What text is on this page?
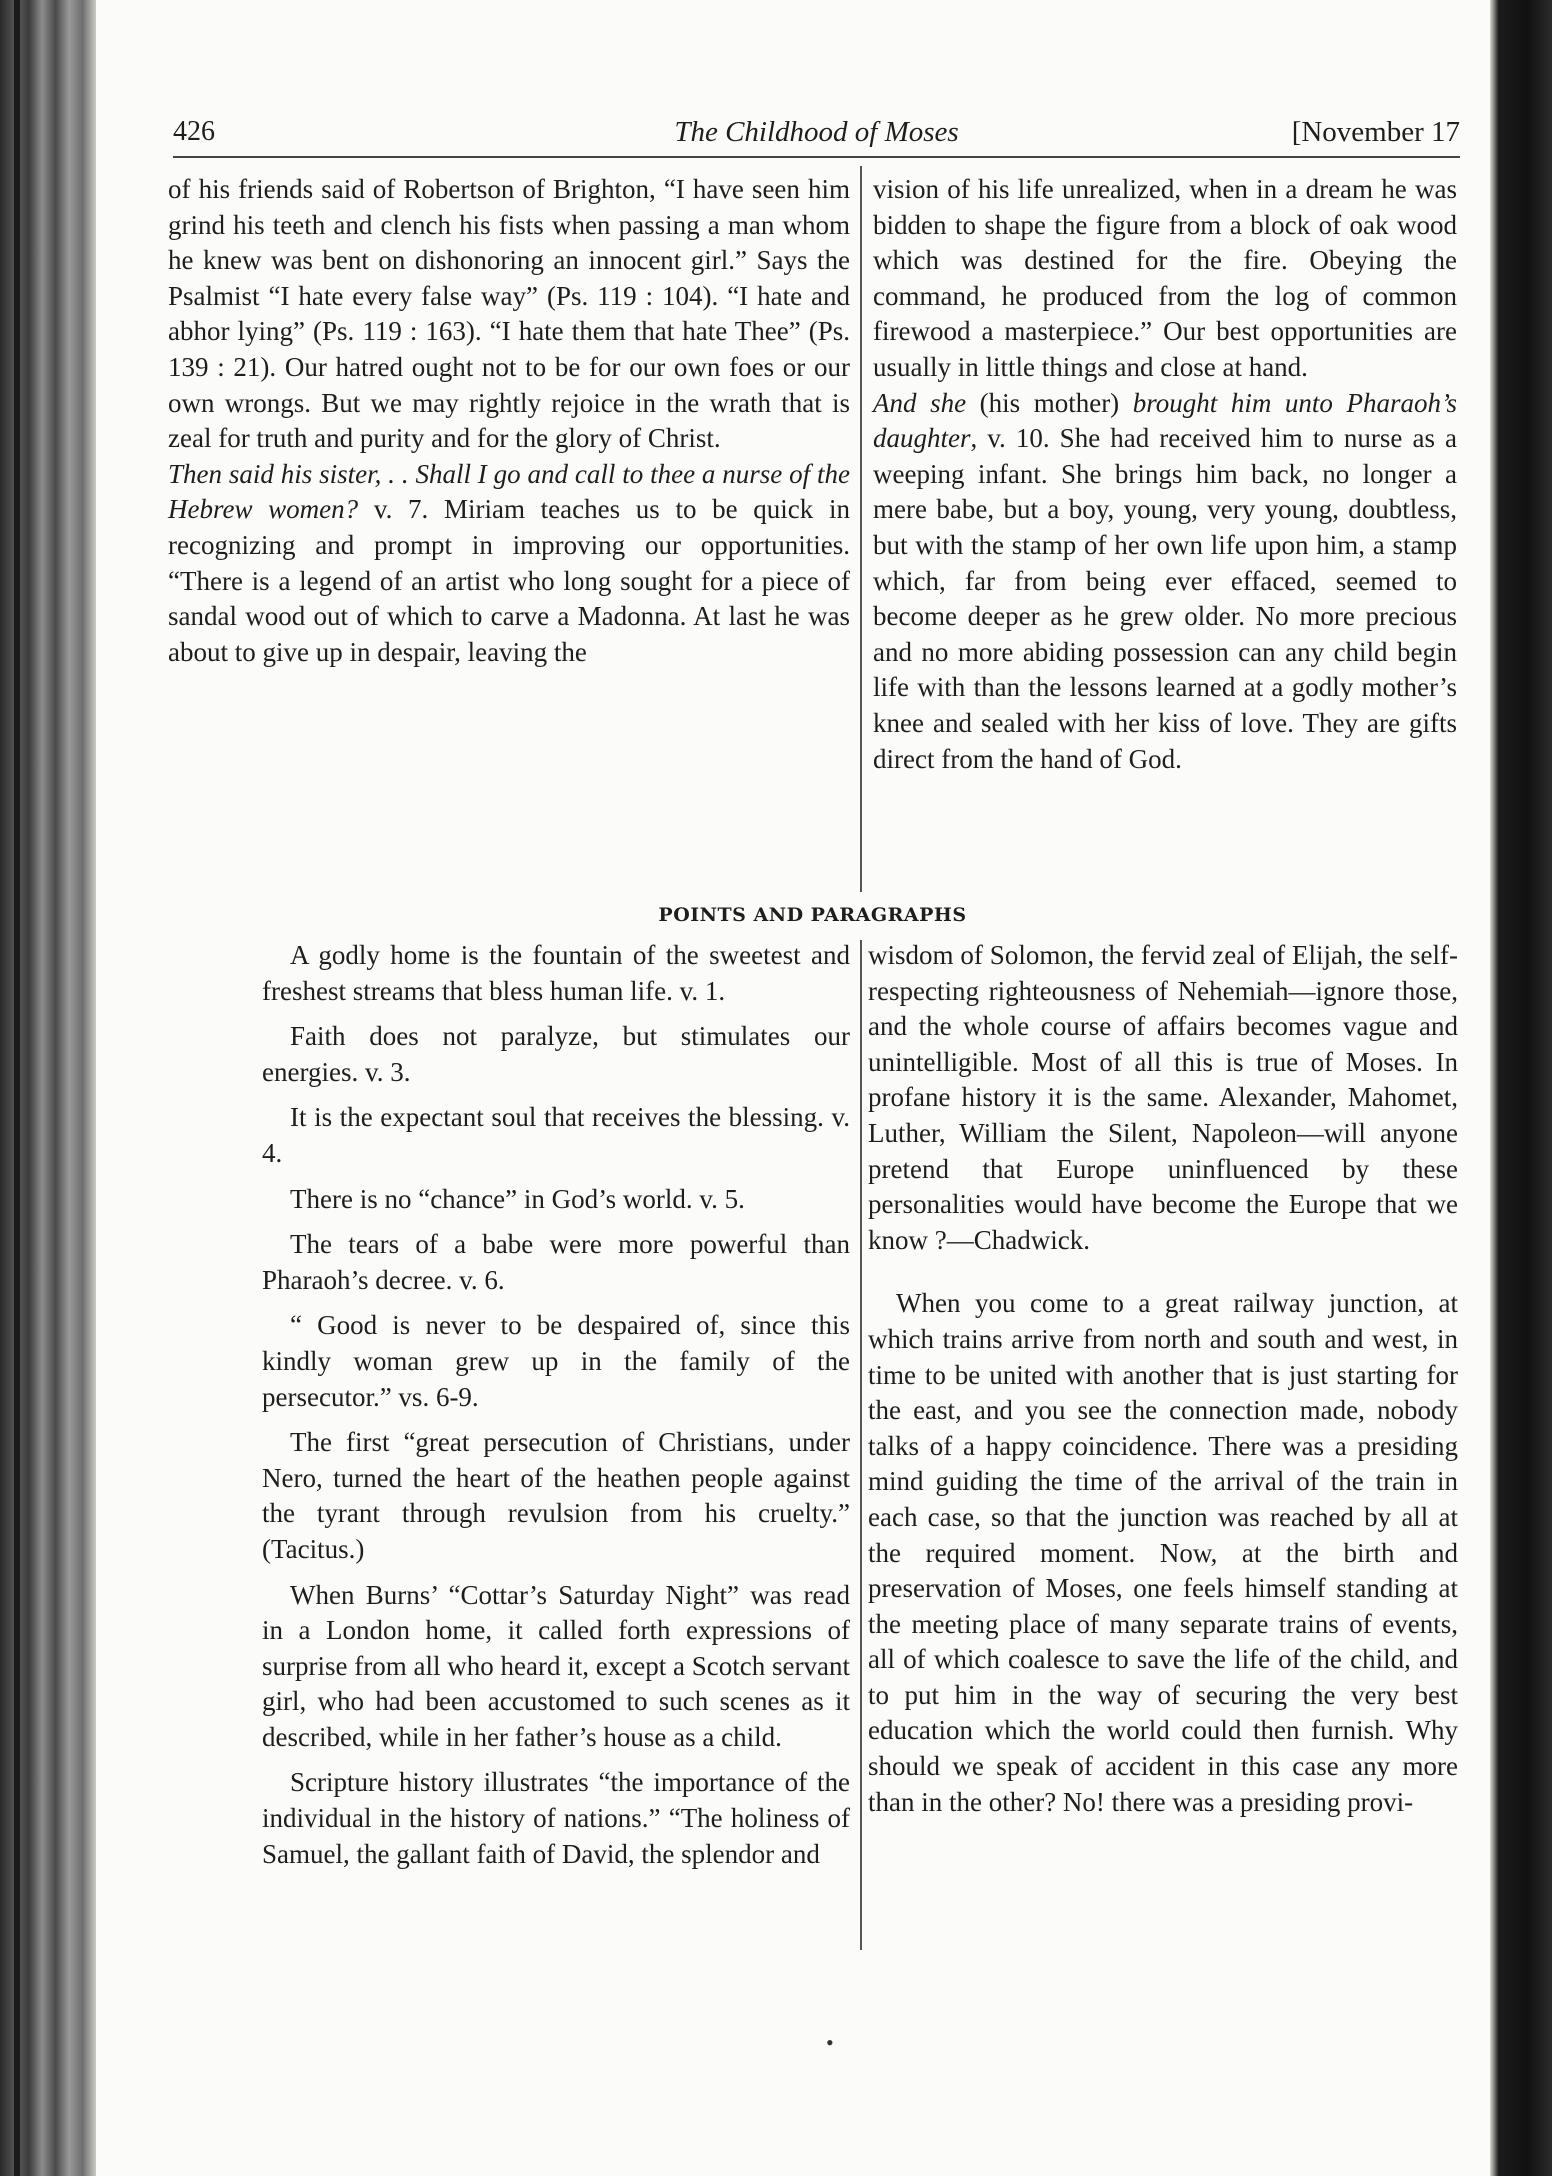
426	The Childhood of Moses	[November 17

of his friends said of Robertson of Brighton, “I have seen him grind his teeth and clench his fists when passing a man whom he knew was bent on dishonoring an innocent girl.” Says the Psalmist “I hate every false way” (Ps. 119 : 104). “I hate and abhor lying” (Ps. 119 : 163). “I hate them that hate Thee” (Ps. 139 : 21). Our hatred ought not to be for our own foes or our own wrongs. But we may rightly rejoice in the wrath that is zeal for truth and purity and for the glory of Christ.

Then said his sister, . . Shall I go and call to thee a nurse of the Hebrew women? v. 7. Miriam teaches us to be quick in recognizing and prompt in improving our opportunities. “There is a legend of an artist who long sought for a piece of sandal wood out of which to carve a Madonna. At last he was about to give up in despair, leaving the

vision of his life unrealized, when in a dream he was bidden to shape the figure from a block of oak wood which was destined for the fire. Obeying the command, he produced from the log of common firewood a masterpiece.” Our best opportunities are usually in little things and close at hand.

And she (his mother) brought him unto Pharaoh’s daughter, v. 10. She had received him to nurse as a weeping infant. She brings him back, no longer a mere babe, but a boy, young, very young, doubtless, but with the stamp of her own life upon him, a stamp which, far from being ever effaced, seemed to become deeper as he grew older. No more precious and no more abiding possession can any child begin life with than the lessons learned at a godly mother’s knee and sealed with her kiss of love. They are gifts direct from the hand of God.

POINTS AND PARAGRAPHS

A godly home is the fountain of the sweetest and freshest streams that bless human life. v. 1.

Faith does not paralyze, but stimulates our energies. v. 3.

It is the expectant soul that receives the blessing. v. 4.

There is no “chance” in God’s world. v. 5.

The tears of a babe were more powerful than Pharaoh’s decree. v. 6.

“ Good is never to be despaired of, since this kindly woman grew up in the family of the persecutor.” vs. 6-9.

The first “great persecution of Christians, under Nero, turned the heart of the heathen people against the tyrant through revulsion from his cruelty.” (Tacitus.)

When Burns’ “Cottar’s Saturday Night” was read in a London home, it called forth expressions of surprise from all who heard it, except a Scotch servant girl, who had been accustomed to such scenes as it described, while in her father’s house as a child.

Scripture history illustrates “the importance of the individual in the history of nations.” “The holiness of Samuel, the gallant faith of David, the splendor and

wisdom of Solomon, the fervid zeal of Elijah, the self-respecting righteousness of Nehemiah—ignore those, and the whole course of affairs becomes vague and unintelligible. Most of all this is true of Moses. In profane history it is the same. Alexander, Mahomet, Luther, William the Silent, Napoleon—will anyone pretend that Europe uninfluenced by these personalities would have become the Europe that we know ?—Chadwick.

When you come to a great railway junction, at which trains arrive from north and south and west, in time to be united with another that is just starting for the east, and you see the connection made, nobody talks of a happy coincidence. There was a presiding mind guiding the time of the arrival of the train in each case, so that the junction was reached by all at the required moment. Now, at the birth and preservation of Moses, one feels himself standing at the meeting place of many separate trains of events, all of which coalesce to save the life of the child, and to put him in the way of securing the very best education which the world could then furnish. Why should we speak of accident in this case any more than in the other? No! there was a presiding provi-

•
